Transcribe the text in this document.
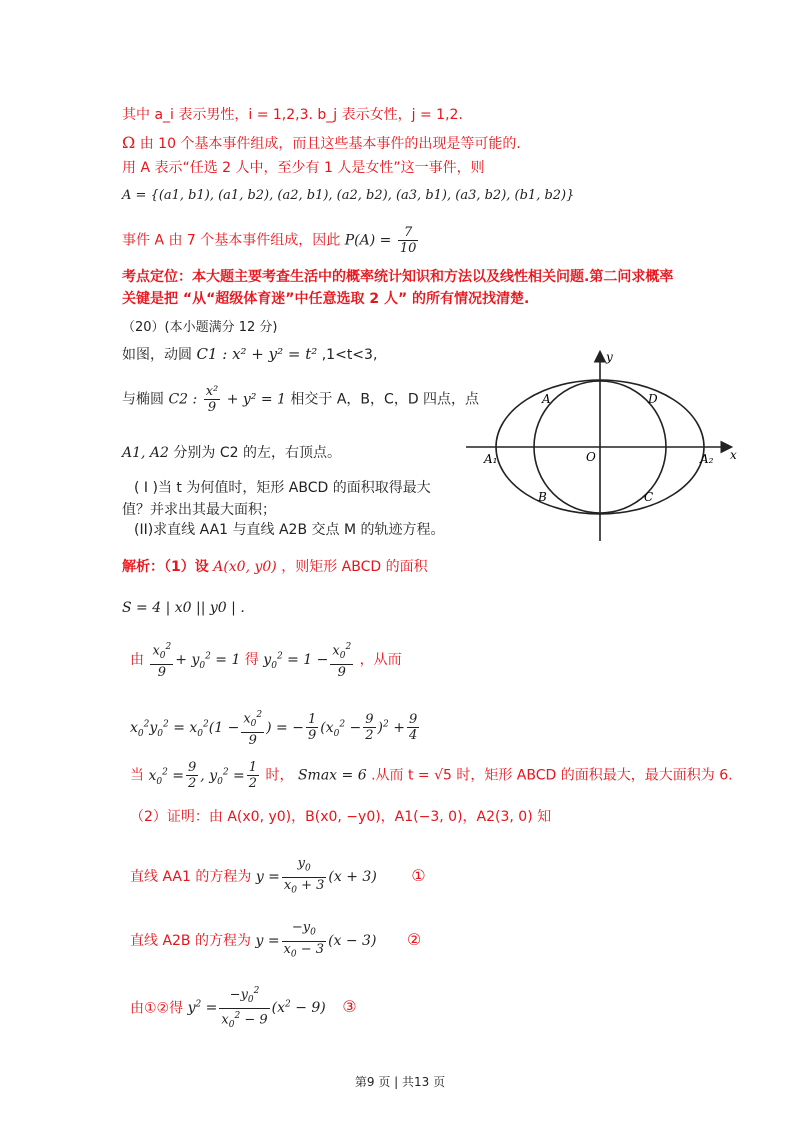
其中 a_i 表示男性，i = 1,2,3. b_j 表示女性，j = 1,2.
Ω 由 10 个基本事件组成，而且这些基本事件的出现是等可能的.
用 A 表示“任选 2 人中，至少有 1 人是女性”这一事件，则
A = {(a1, b1), (a1, b2), (a2, b1), (a2, b2), (a3, b1), (a3, b2), (b1, b2)}
事件 A 由 7 个基本事件组成，因此 $P(A) = \frac{7}{10}$
考点定位：本大题主要考查生活中的概率统计知识和方法以及线性相关问题.第二问求概率
关键是把 “从“超级体育迷”中任意选取 2 人” 的所有情况找清楚.
（20）(本小题满分 12 分)
如图，动圆 C1 : x² + y² = t² ,1<t<3,
与椭圆 C2 : $\frac{\text{x²}}{9} + y^2 = 1$ 相交于 A，B，C，D 四点，点
A1, A2 分别为 C2 的左，右顶点。
( I )当 t 为何值时，矩形 ABCD 的面积取得最大
值？并求出其最大面积；
(II)求直线 AA1 与直线 A2B 交点 M 的轨迹方程。
y
x
O
A	D
B	C
A₁	A₂
解析：（1）设 A(x0, y0) ，则矩形 ABCD 的面积
S = 4 | x0 || y0 | .
由 $\frac{x_0^2}{9} + y_0^2 = 1$ 得 $y_0^2 = 1 - \frac{x_0^2}{9}$ ，从而
$x_0^2y_0^2 = x_0^2(1 - \frac{x_0^2}{9}$ ) = − $\frac{1}{9} (x_0^2 - \frac{9}{2} )^2 + \frac{9}{4}$
当 $x_0^2 = \frac{9}{2}$ , $y_0^2 = \frac{1}{2}$ 时， Smax = 6 .从而 t = √5 时，矩形 ABCD 的面积最大，最大面积为 6.
（2）证明：由 A(x0, y0)，B(x0, −y0)，A1(−3, 0)，A2(3, 0) 知
直线 AA1 的方程为 $y = \frac{y_0}{x_0 + 3} (x + 3)$ ①
直线 A2B 的方程为 $y = \frac{-y_0}{x_0 - 3} (x - 3)$ ②
由①②得 $y^2 = \frac{-y_0^2}{x_0^2 - 9} (x^2 - 9)$ ③
第9 页 | 共13 页
